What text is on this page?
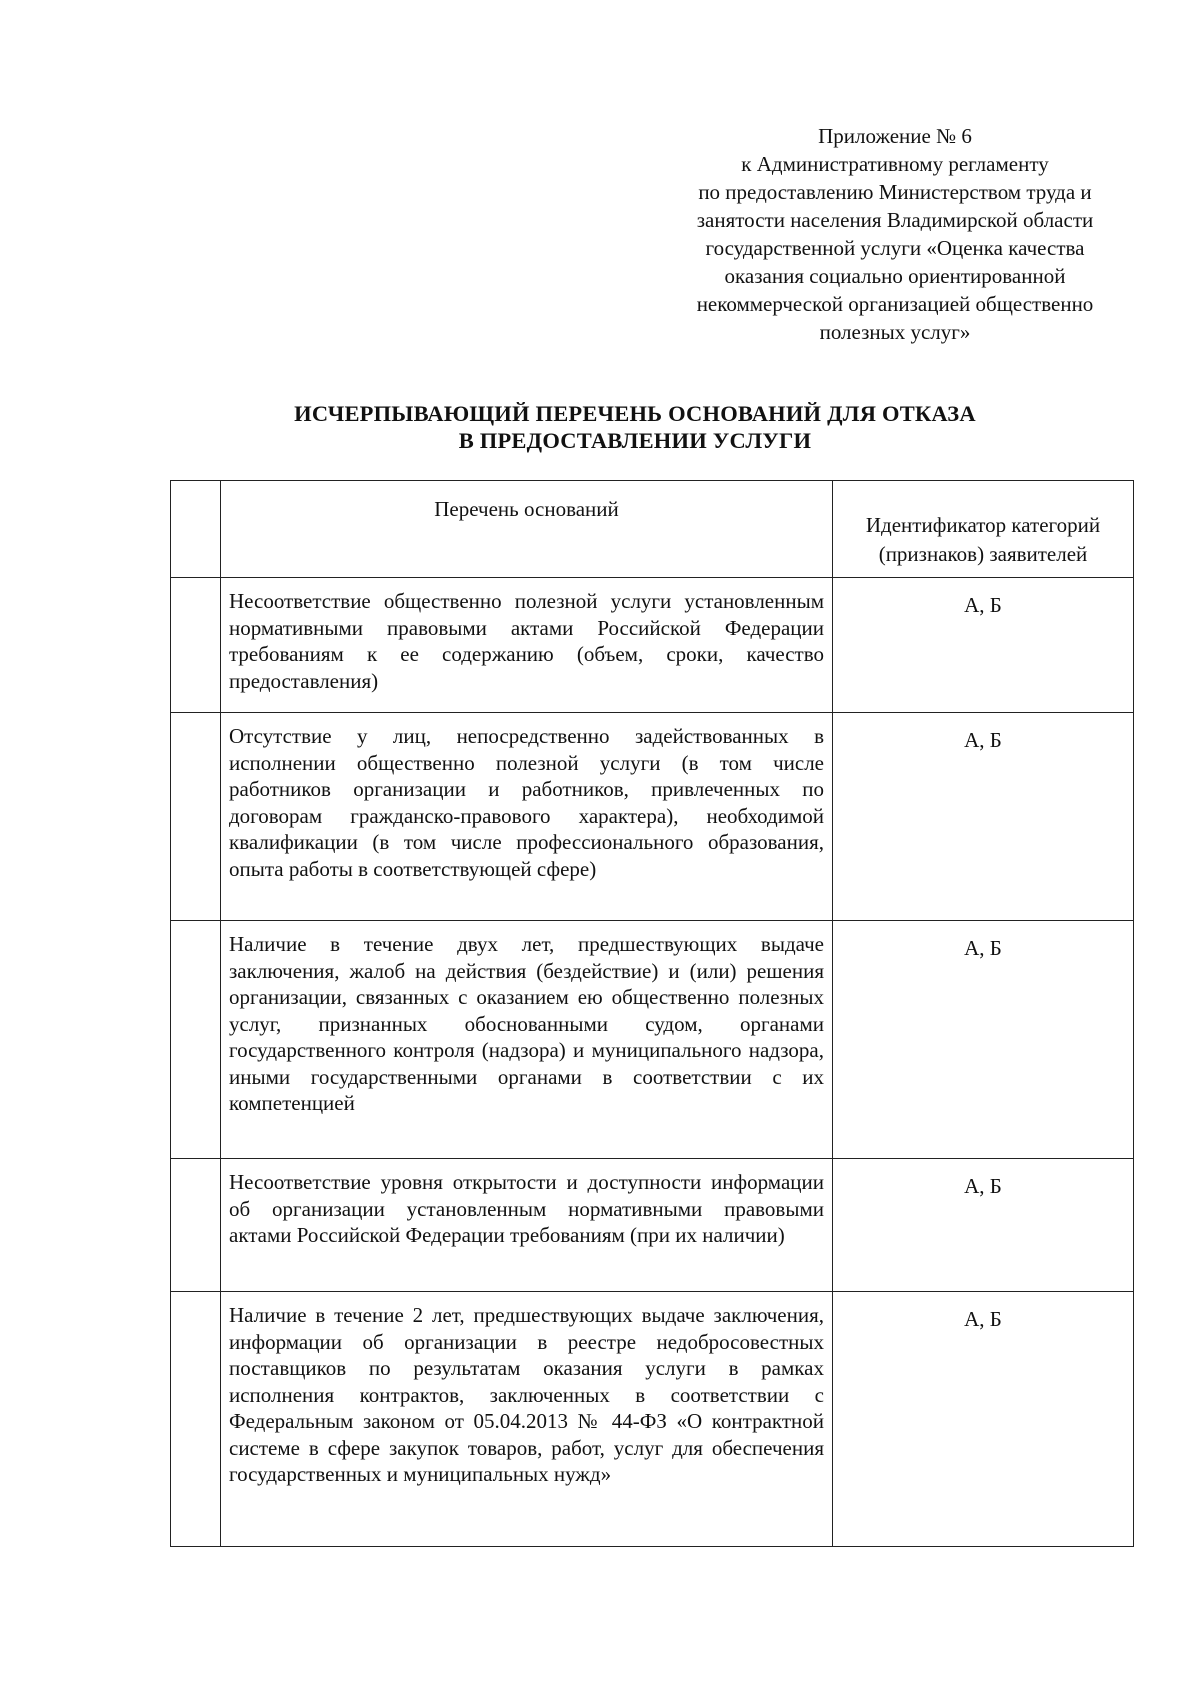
Приложение № 6
к Административному регламенту
по предоставлению Министерством труда и
занятости населения Владимирской области
государственной услуги «Оценка качества
оказания социально ориентированной
некоммерческой организацией общественно
полезных услуг»
ИСЧЕРПЫВАЮЩИЙ ПЕРЕЧЕНЬ ОСНОВАНИЙ ДЛЯ ОТКАЗА
В ПРЕДОСТАВЛЕНИИ УСЛУГИ
	Перечень оснований	Идентификатор категорий (признаков) заявителей
	Несоответствие общественно полезной услуги установленным нормативными правовыми актами Российской Федерации требованиям к ее содержанию (объем, сроки, качество предоставления)	А, Б
	Отсутствие у лиц, непосредственно задействованных в исполнении общественно полезной услуги (в том числе работников организации и работников, привлеченных по договорам гражданско-правового характера), необходимой квалификации (в том числе профессионального образования, опыта работы в соответствующей сфере)	А, Б
	Наличие в течение двух лет, предшествующих выдаче заключения, жалоб на действия (бездействие) и (или) решения организации, связанных с оказанием ею общественно полезных услуг, признанных обоснованными судом, органами государственного контроля (надзора) и муниципального надзора, иными государственными органами в соответствии с их компетенцией	А, Б
	Несоответствие уровня открытости и доступности информации об организации установленным нормативными правовыми актами Российской Федерации требованиям (при их наличии)	А, Б
	Наличие в течение 2 лет, предшествующих выдаче заключения, информации об организации в реестре недобросовестных поставщиков по результатам оказания услуги в рамках исполнения контрактов, заключенных в соответствии с Федеральным законом от 05.04.2013 № 44-ФЗ «О контрактной системе в сфере закупок товаров, работ, услуг для обеспечения государственных и муниципальных нужд»	А, Б
